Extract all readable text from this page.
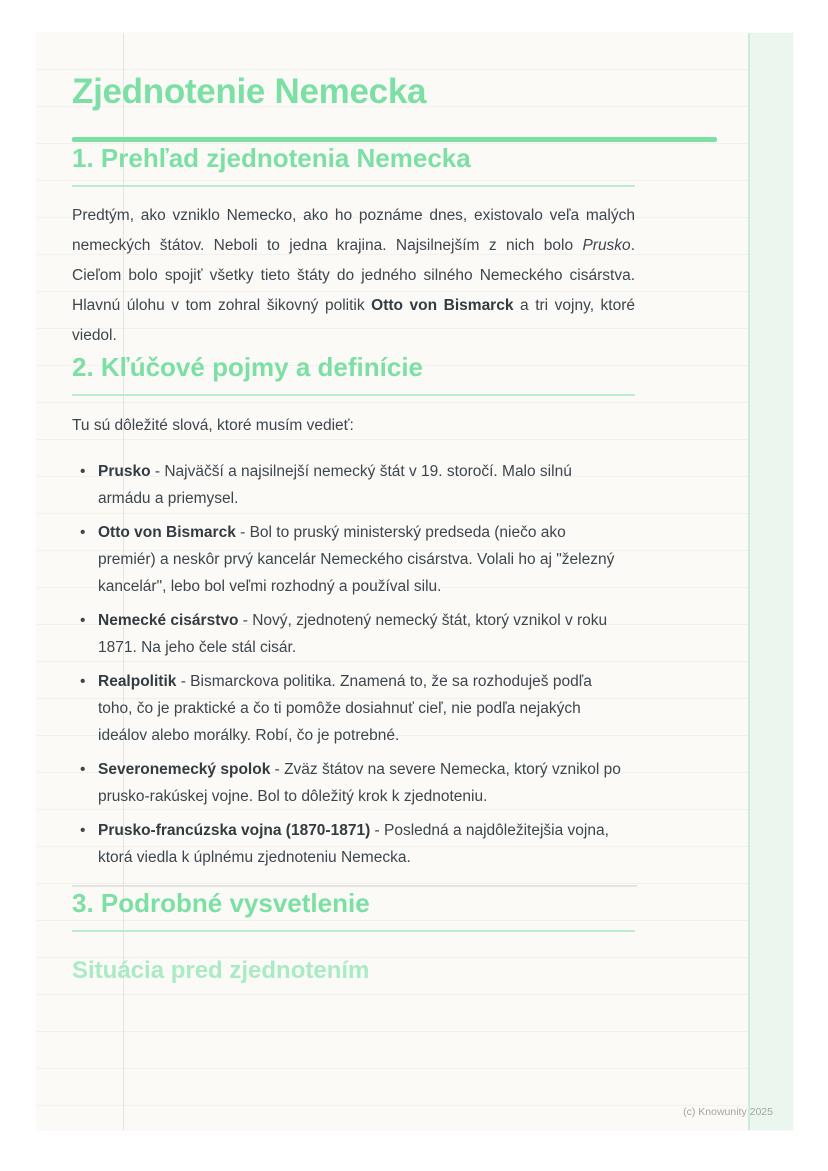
Zjednotenie Nemecka
1. Prehľad zjednotenia Nemecka

Predtým, ako vzniklo Nemecko, ako ho poznáme dnes, existovalo veľa malých nemeckých štátov. Neboli to jedna krajina. Najsilnejším z nich bolo Prusko. Cieľom bolo spojiť všetky tieto štáty do jedného silného Nemeckého cisárstva. Hlavnú úlohu v tom zohral šikovný politik Otto von Bismarck a tri vojny, ktoré viedol.

2. Kľúčové pojmy a definície

Tu sú dôležité slová, ktoré musím vedieť:

• Prusko - Najväčší a najsilnejší nemecký štát v 19. storočí. Malo silnú armádu a priemysel.
• Otto von Bismarck - Bol to pruský ministerský predseda (niečo ako premiér) a neskôr prvý kancelár Nemeckého cisárstva. Volali ho aj "železný kancelár", lebo bol veľmi rozhodný a používal silu.
• Nemecké cisárstvo - Nový, zjednotený nemecký štát, ktorý vznikol v roku 1871. Na jeho čele stál cisár.
• Realpolitik - Bismarckova politika. Znamená to, že sa rozhoduješ podľa toho, čo je praktické a čo ti pomôže dosiahnuť cieľ, nie podľa nejakých ideálov alebo morálky. Robí, čo je potrebné.
• Severonemecký spolok - Zväz štátov na severe Nemecka, ktorý vznikol po prusko-rakúskej vojne. Bol to dôležitý krok k zjednoteniu.
• Prusko-francúzska vojna (1870-1871) - Posledná a najdôležitejšia vojna, ktorá viedla k úplnému zjednoteniu Nemecka.
3. Podrobné vysvetlenie
Situácia pred zjednotením
(c) Knowunity 2025
